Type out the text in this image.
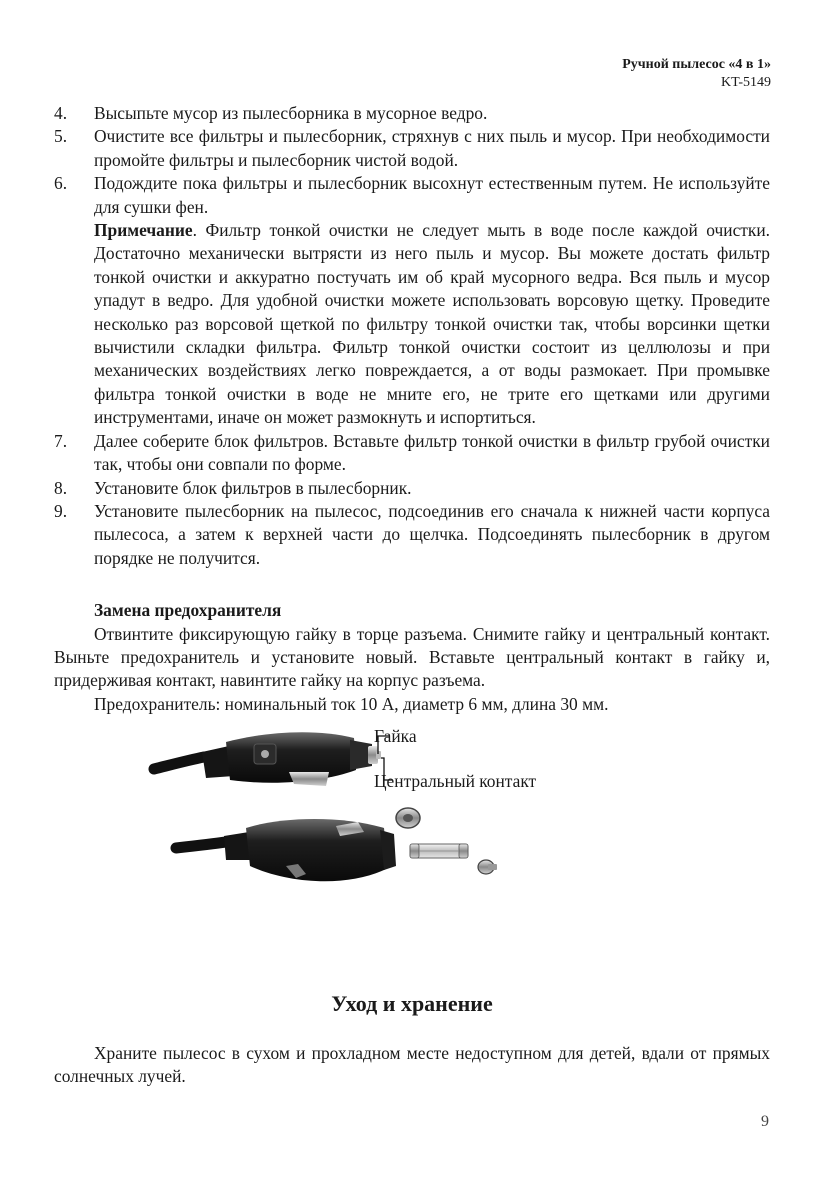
Ручной пылесос «4 в 1»
KT-5149
4. Высыпьте мусор из пылесборника в мусорное ведро.
5. Очистите все фильтры и пылесборник, стряхнув с них пыль и мусор. При необходимости промойте фильтры и пылесборник чистой водой.
6. Подождите пока фильтры и пылесборник высохнут естественным путем. Не используйте для сушки фен.
Примечание. Фильтр тонкой очистки не следует мыть в воде после каждой очистки. Достаточно механически вытрясти из него пыль и мусор. Вы можете достать фильтр тонкой очистки и аккуратно постучать им об край мусорного ведра. Вся пыль и мусор упадут в ведро. Для удобной очистки можете использовать ворсовую щетку. Проведите несколько раз ворсовой щеткой по фильтру тонкой очистки так, чтобы ворсинки щетки вычистили складки фильтра. Фильтр тонкой очистки состоит из целлюлозы и при механических воздействиях легко повреждается, а от воды размокает. При промывке фильтра тонкой очистки в воде не мните его, не трите его щетками или другими инструментами, иначе он может размокнуть и испортиться.
7. Далее соберите блок фильтров. Вставьте фильтр тонкой очистки в фильтр грубой очистки так, чтобы они совпали по форме.
8. Установите блок фильтров в пылесборник.
9. Установите пылесборник на пылесос, подсоединив его сначала к нижней части корпуса пылесоса, а затем к верхней части до щелчка. Подсоединять пылесборник в другом порядке не получится.
Замена предохранителя
Отвинтите фиксирующую гайку в торце разъема. Снимите гайку и центральный контакт. Выньте предохранитель и установите новый. Вставьте центральный контакт в гайку и, придерживая контакт, навинтите гайку на корпус разъема.
Предохранитель: номинальный ток 10 А, диаметр 6 мм, длина 30 мм.
Гайка
Центральный контакт
Уход и хранение
Храните пылесос в сухом и прохладном месте недоступном для детей, вдали от прямых солнечных лучей.
9
